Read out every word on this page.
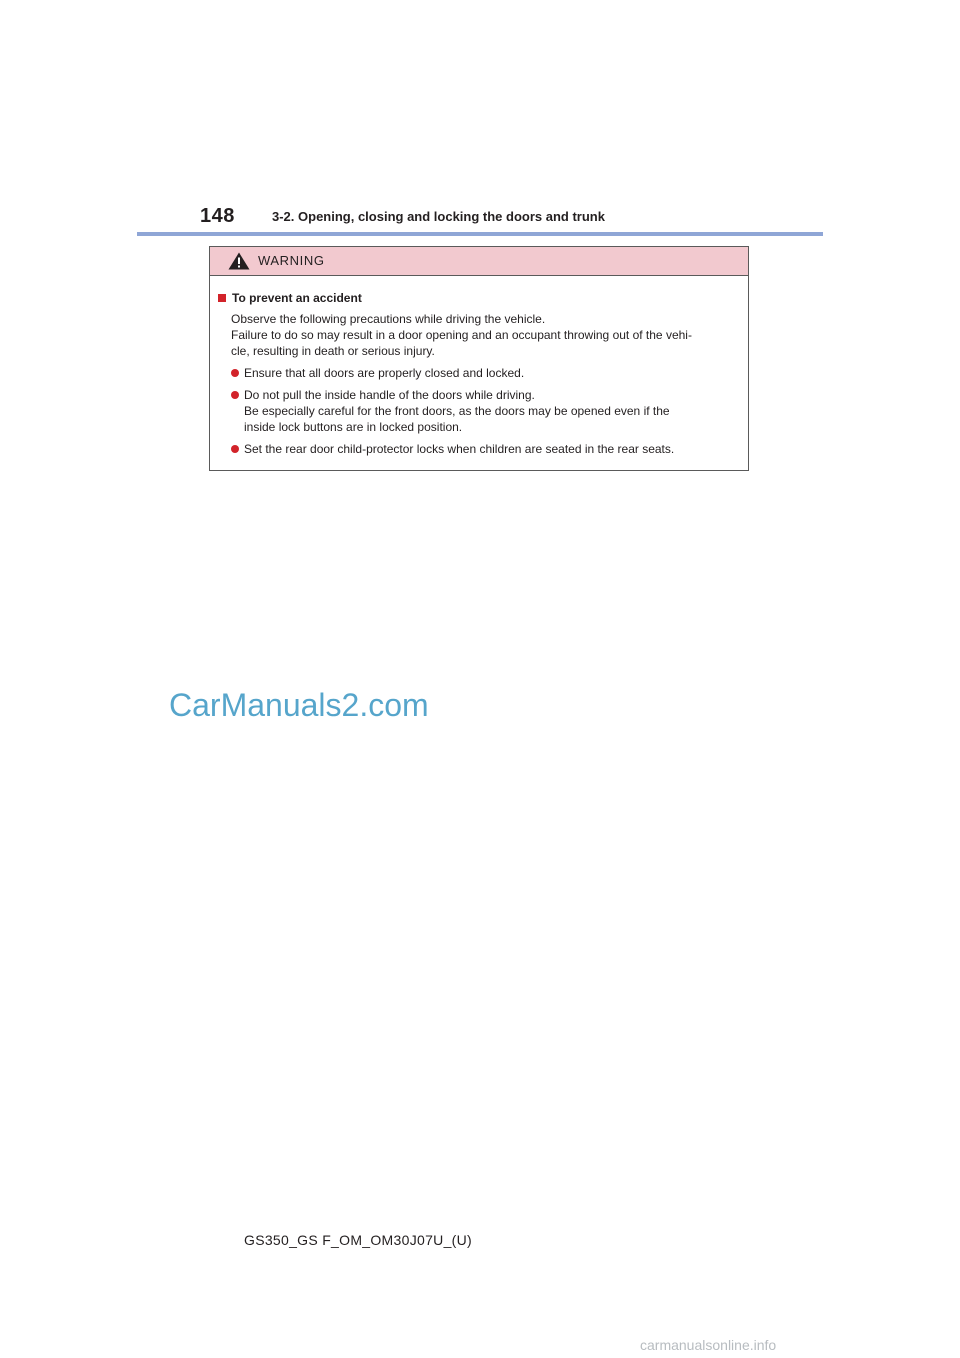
148	3-2. Opening, closing and locking the doors and trunk
WARNING
To prevent an accident

Observe the following precautions while driving the vehicle.

Failure to do so may result in a door opening and an occupant throwing out of the vehi-

cle, resulting in death or serious injury.

Ensure that all doors are properly closed and locked.

Do not pull the inside handle of the doors while driving.

Be especially careful for the front doors, as the doors may be opened even if the

inside lock buttons are in locked position.

Set the rear door child-protector locks when children are seated in the rear seats.

CarManuals2.com
GS350_GS F_OM_OM30J07U_(U)
carmanualsonline.info
